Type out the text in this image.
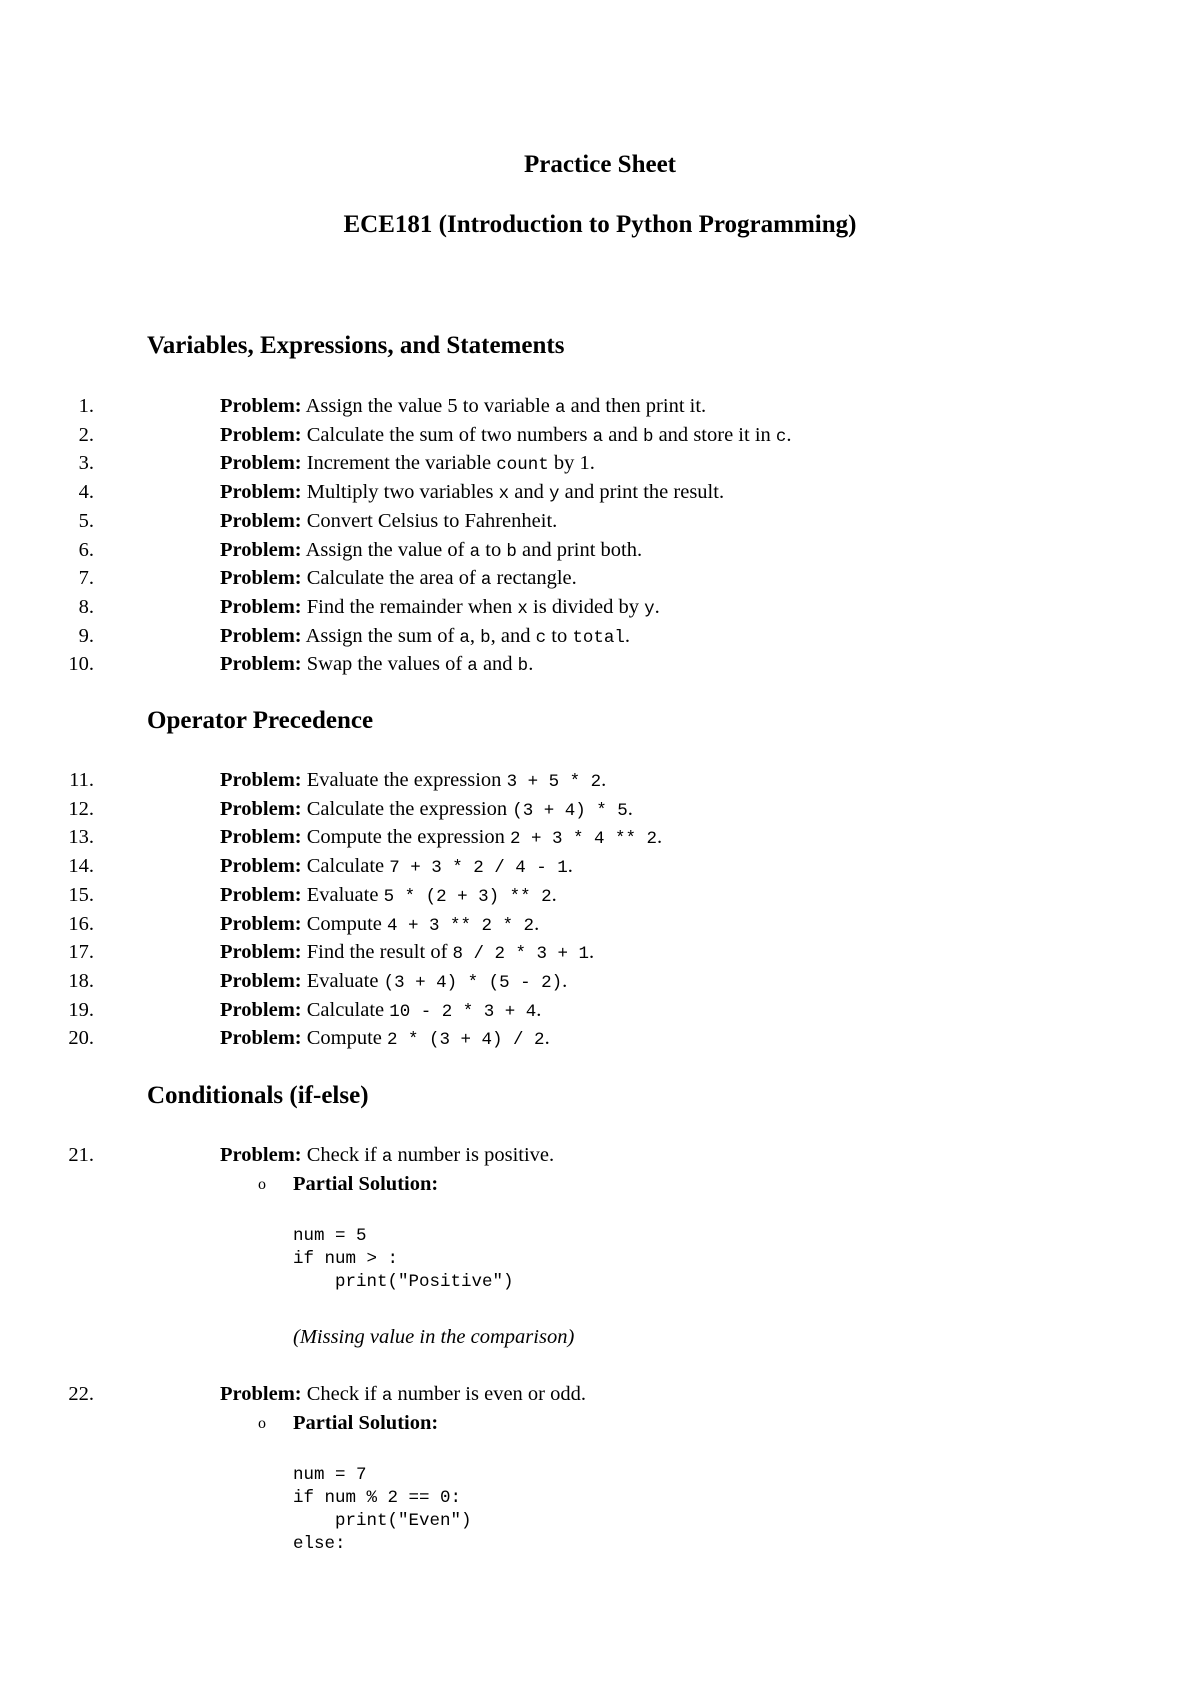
Practice Sheet
ECE181 (Introduction to Python Programming)
Variables, Expressions, and Statements
1.	Problem: Assign the value 5 to variable a and then print it.
2.	Problem: Calculate the sum of two numbers a and b and store it in c.
3.	Problem: Increment the variable count by 1.
4.	Problem: Multiply two variables x and y and print the result.
5.	Problem: Convert Celsius to Fahrenheit.
6.	Problem: Assign the value of a to b and print both.
7.	Problem: Calculate the area of a rectangle.
8.	Problem: Find the remainder when x is divided by y.
9.	Problem: Assign the sum of a, b, and c to total.
10.	Problem: Swap the values of a and b.
Operator Precedence
11.	Problem: Evaluate the expression 3 + 5 * 2.
12.	Problem: Calculate the expression (3 + 4) * 5.
13.	Problem: Compute the expression 2 + 3 * 4 ** 2.
14.	Problem: Calculate 7 + 3 * 2 / 4 - 1.
15.	Problem: Evaluate 5 * (2 + 3) ** 2.
16.	Problem: Compute 4 + 3 ** 2 * 2.
17.	Problem: Find the result of 8 / 2 * 3 + 1.
18.	Problem: Evaluate (3 + 4) * (5 - 2).
19.	Problem: Calculate 10 - 2 * 3 + 4.
20.	Problem: Compute 2 * (3 + 4) / 2.
Conditionals (if-else)
21.	Problem: Check if a number is positive.
o Partial Solution:
num = 5
if num > :
print("Positive")
(Missing value in the comparison)
22.	Problem: Check if a number is even or odd.
o Partial Solution:
num = 7
if num % 2 == 0:
print("Even")
else:
